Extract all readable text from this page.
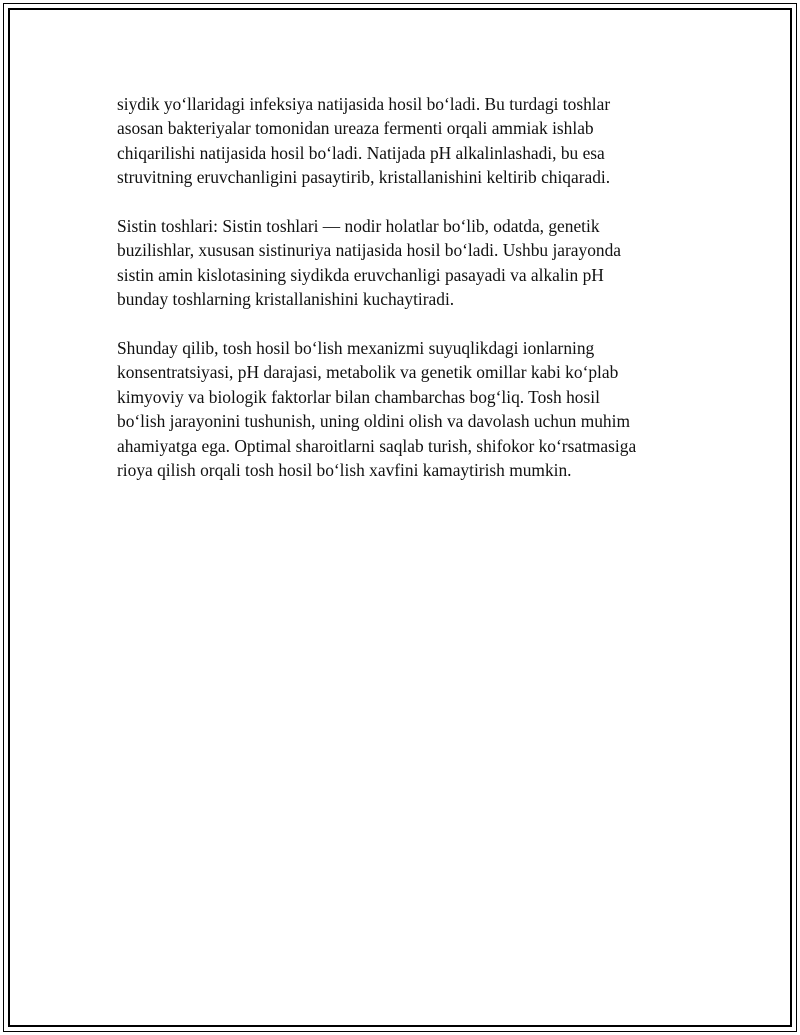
siydik yoʻllaridagi infeksiya natijasida hosil boʻladi. Bu turdagi toshlar
asosan bakteriyalar tomonidan ureaza fermenti orqali ammiak ishlab
chiqarilishi natijasida hosil boʻladi. Natijada pH alkalinlashadi, bu esa
struvitning eruvchanligini pasaytirib, kristallanishini keltirib chiqaradi.

Sistin toshlari: Sistin toshlari — nodir holatlar boʻlib, odatda, genetik
buzilishlar, xususan sistinuriya natijasida hosil boʻladi. Ushbu jarayonda
sistin amin kislotasining siydikda eruvchanligi pasayadi va alkalin pH
bunday toshlarning kristallanishini kuchaytiradi.

Shunday qilib, tosh hosil boʻlish mexanizmi suyuqlikdagi ionlarning
konsentratsiyasi, pH darajasi, metabolik va genetik omillar kabi koʻplab
kimyoviy va biologik faktorlar bilan chambarchas bogʻliq. Tosh hosil
boʻlish jarayonini tushunish, uning oldini olish va davolash uchun muhim
ahamiyatga ega. Optimal sharoitlarni saqlab turish, shifokor koʻrsatmasiga
rioya qilish orqali tosh hosil boʻlish xavfini kamaytirish mumkin.
